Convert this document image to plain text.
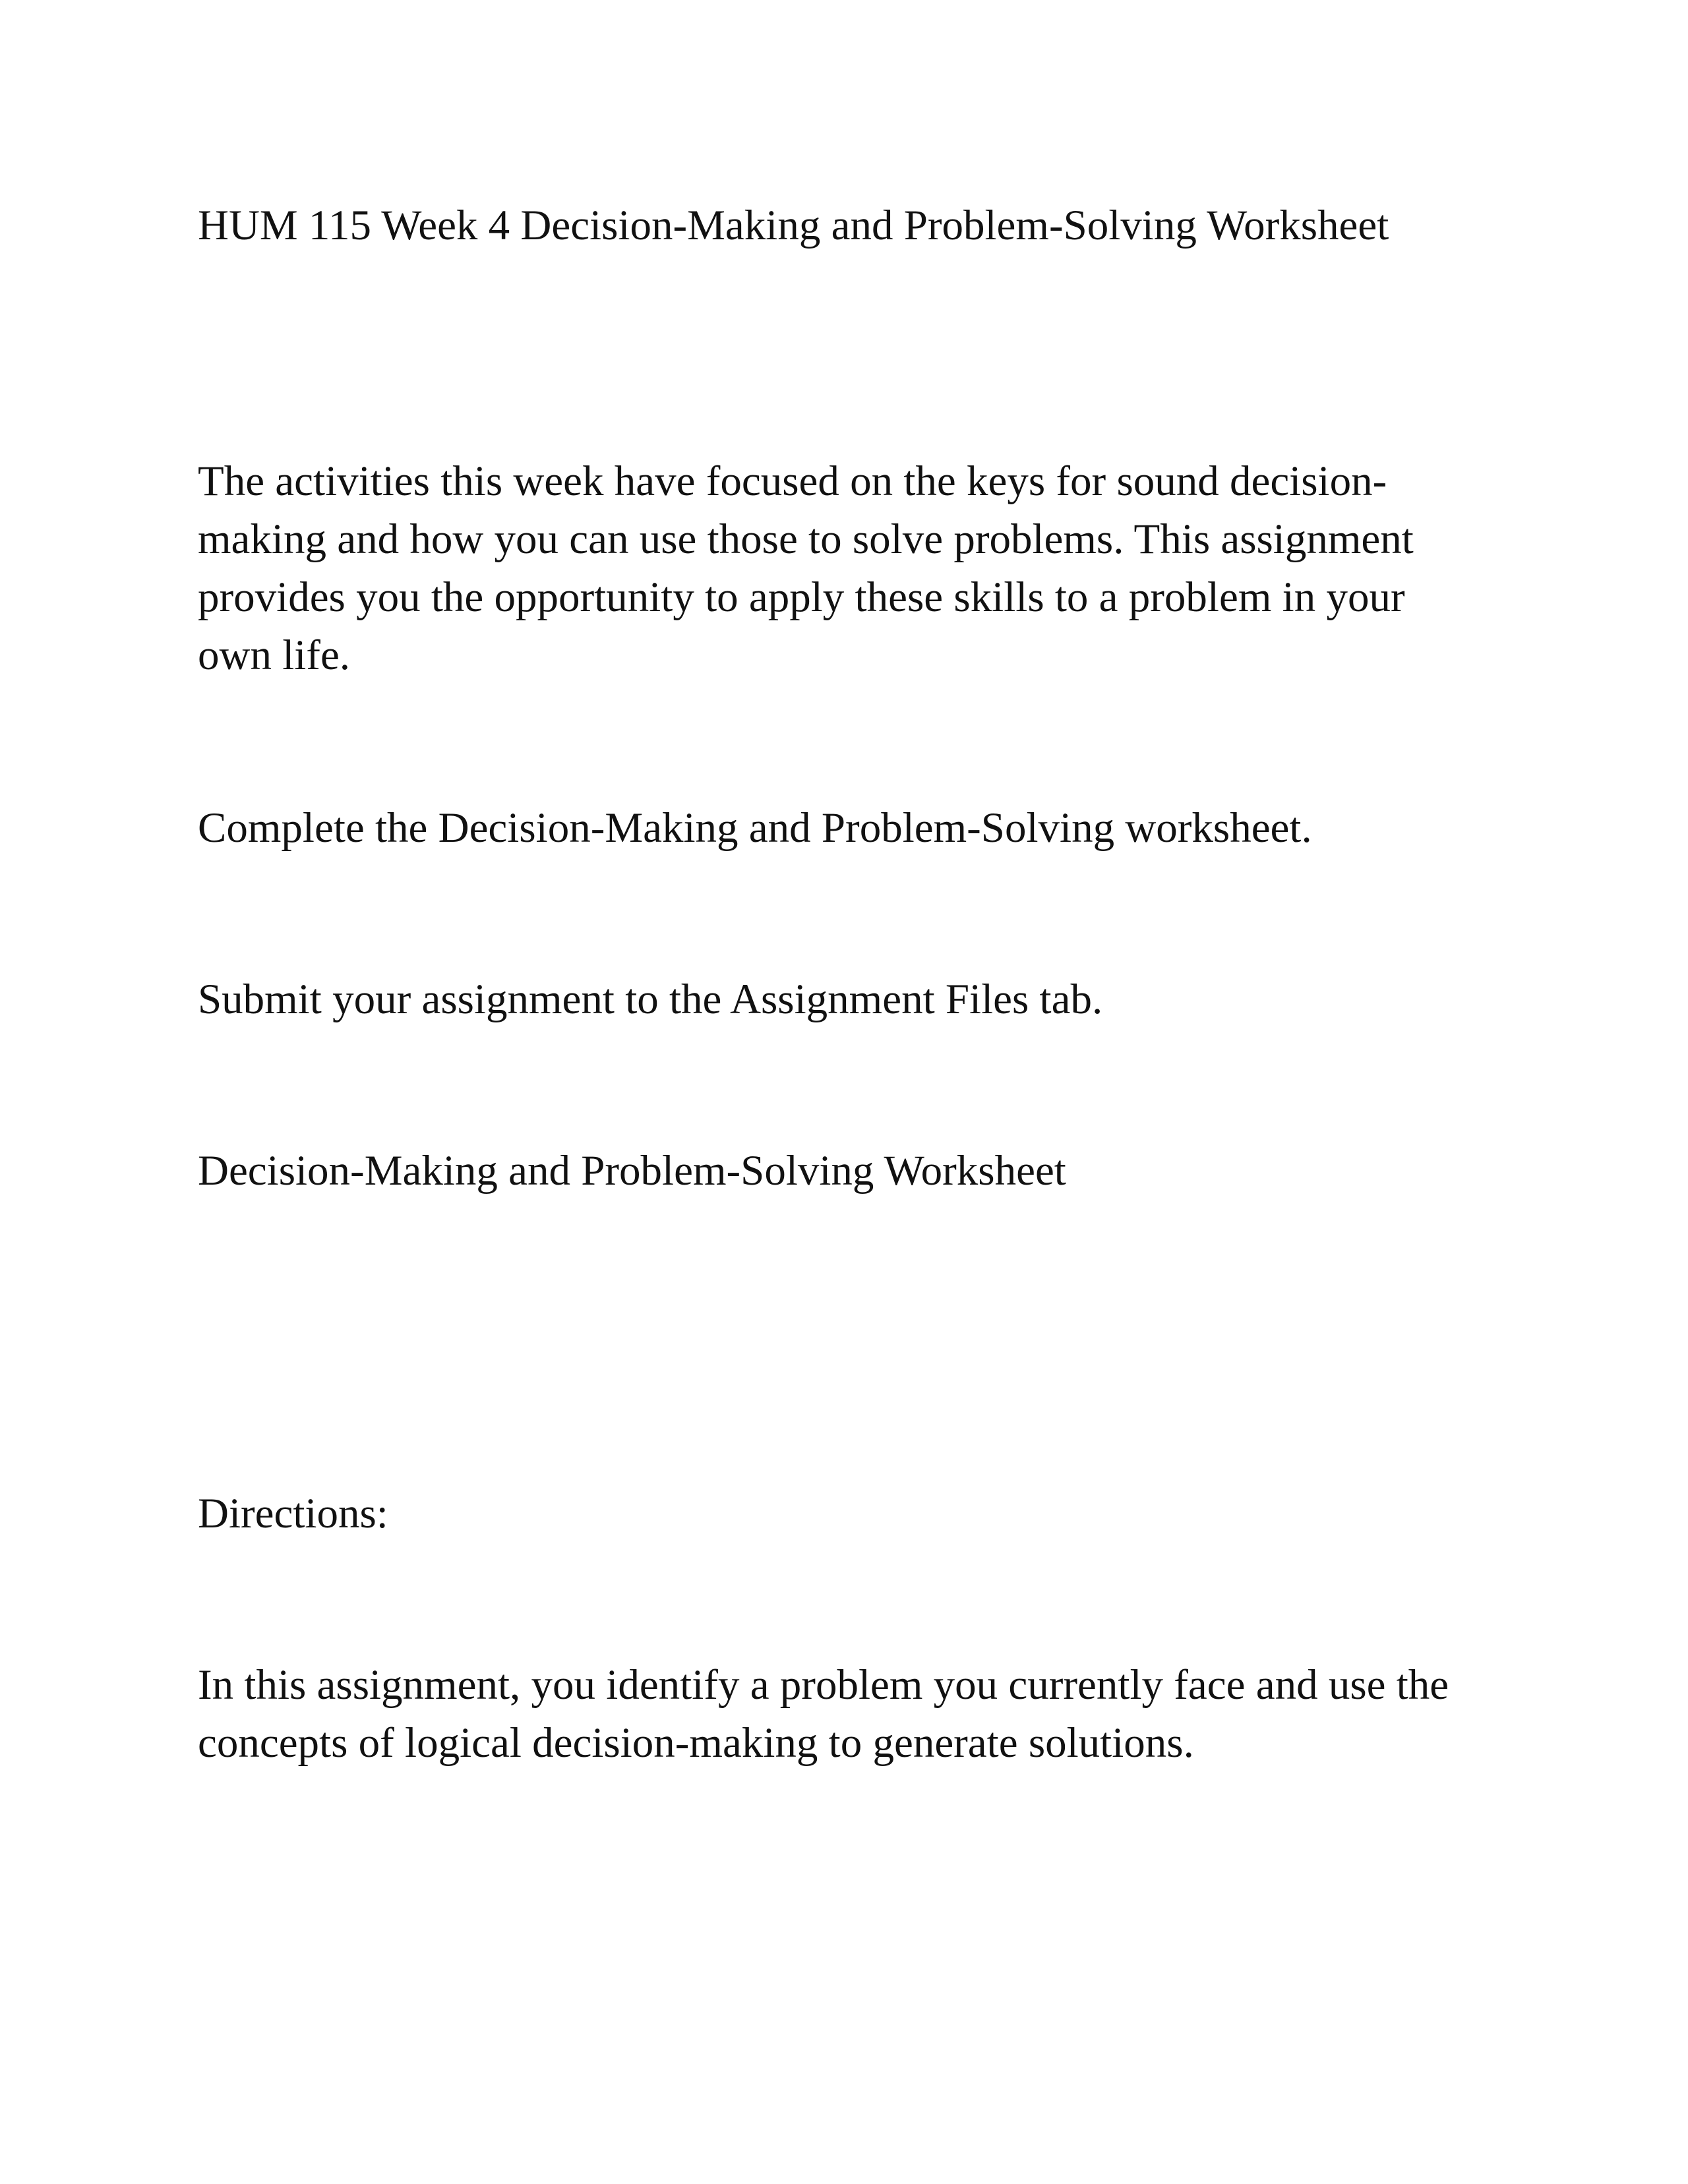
HUM 115 Week 4 Decision-Making and Problem-Solving Worksheet

The activities this week have focused on the keys for sound decision-
making and how you can use those to solve problems. This assignment
provides you the opportunity to apply these skills to a problem in your
own life.

Complete the Decision-Making and Problem-Solving worksheet.

Submit your assignment to the Assignment Files tab.

Decision-Making and Problem-Solving Worksheet

Directions:

In this assignment, you identify a problem you currently face and use the
concepts of logical decision-making to generate solutions.
